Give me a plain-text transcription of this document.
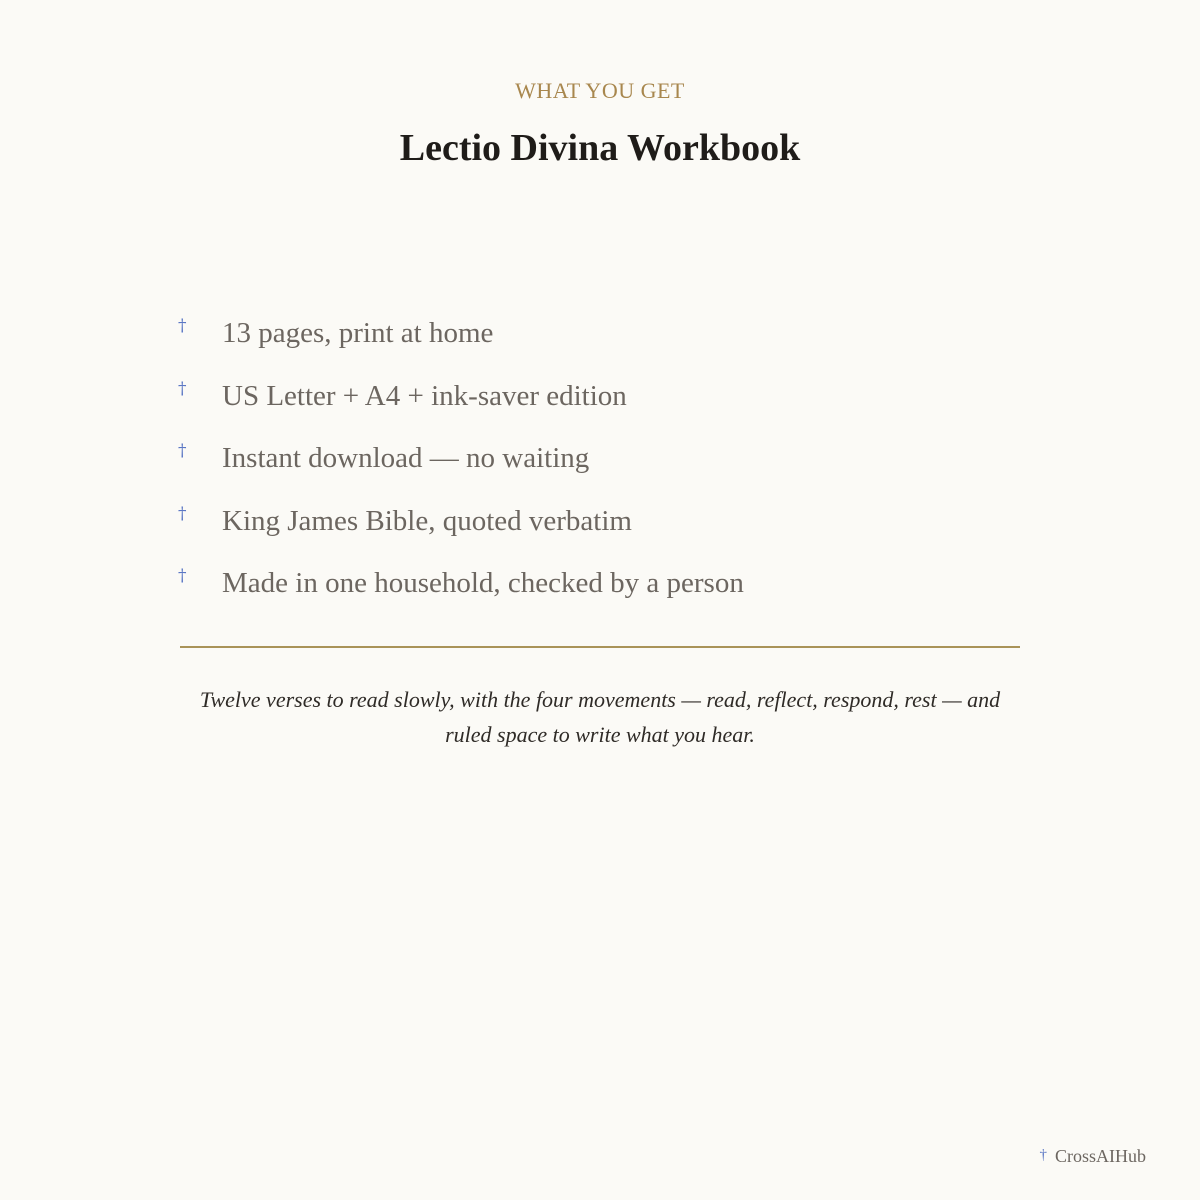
WHAT YOU GET
Lectio Divina Workbook
†	13 pages, print at home
†	US Letter + A4 + ink-saver edition
†	Instant download — no waiting
†	King James Bible, quoted verbatim
†	Made in one household, checked by a person

Twelve verses to read slowly, with the four movements — read, reflect, respond, rest — and ruled space to write what you hear.

† CrossAIHub
